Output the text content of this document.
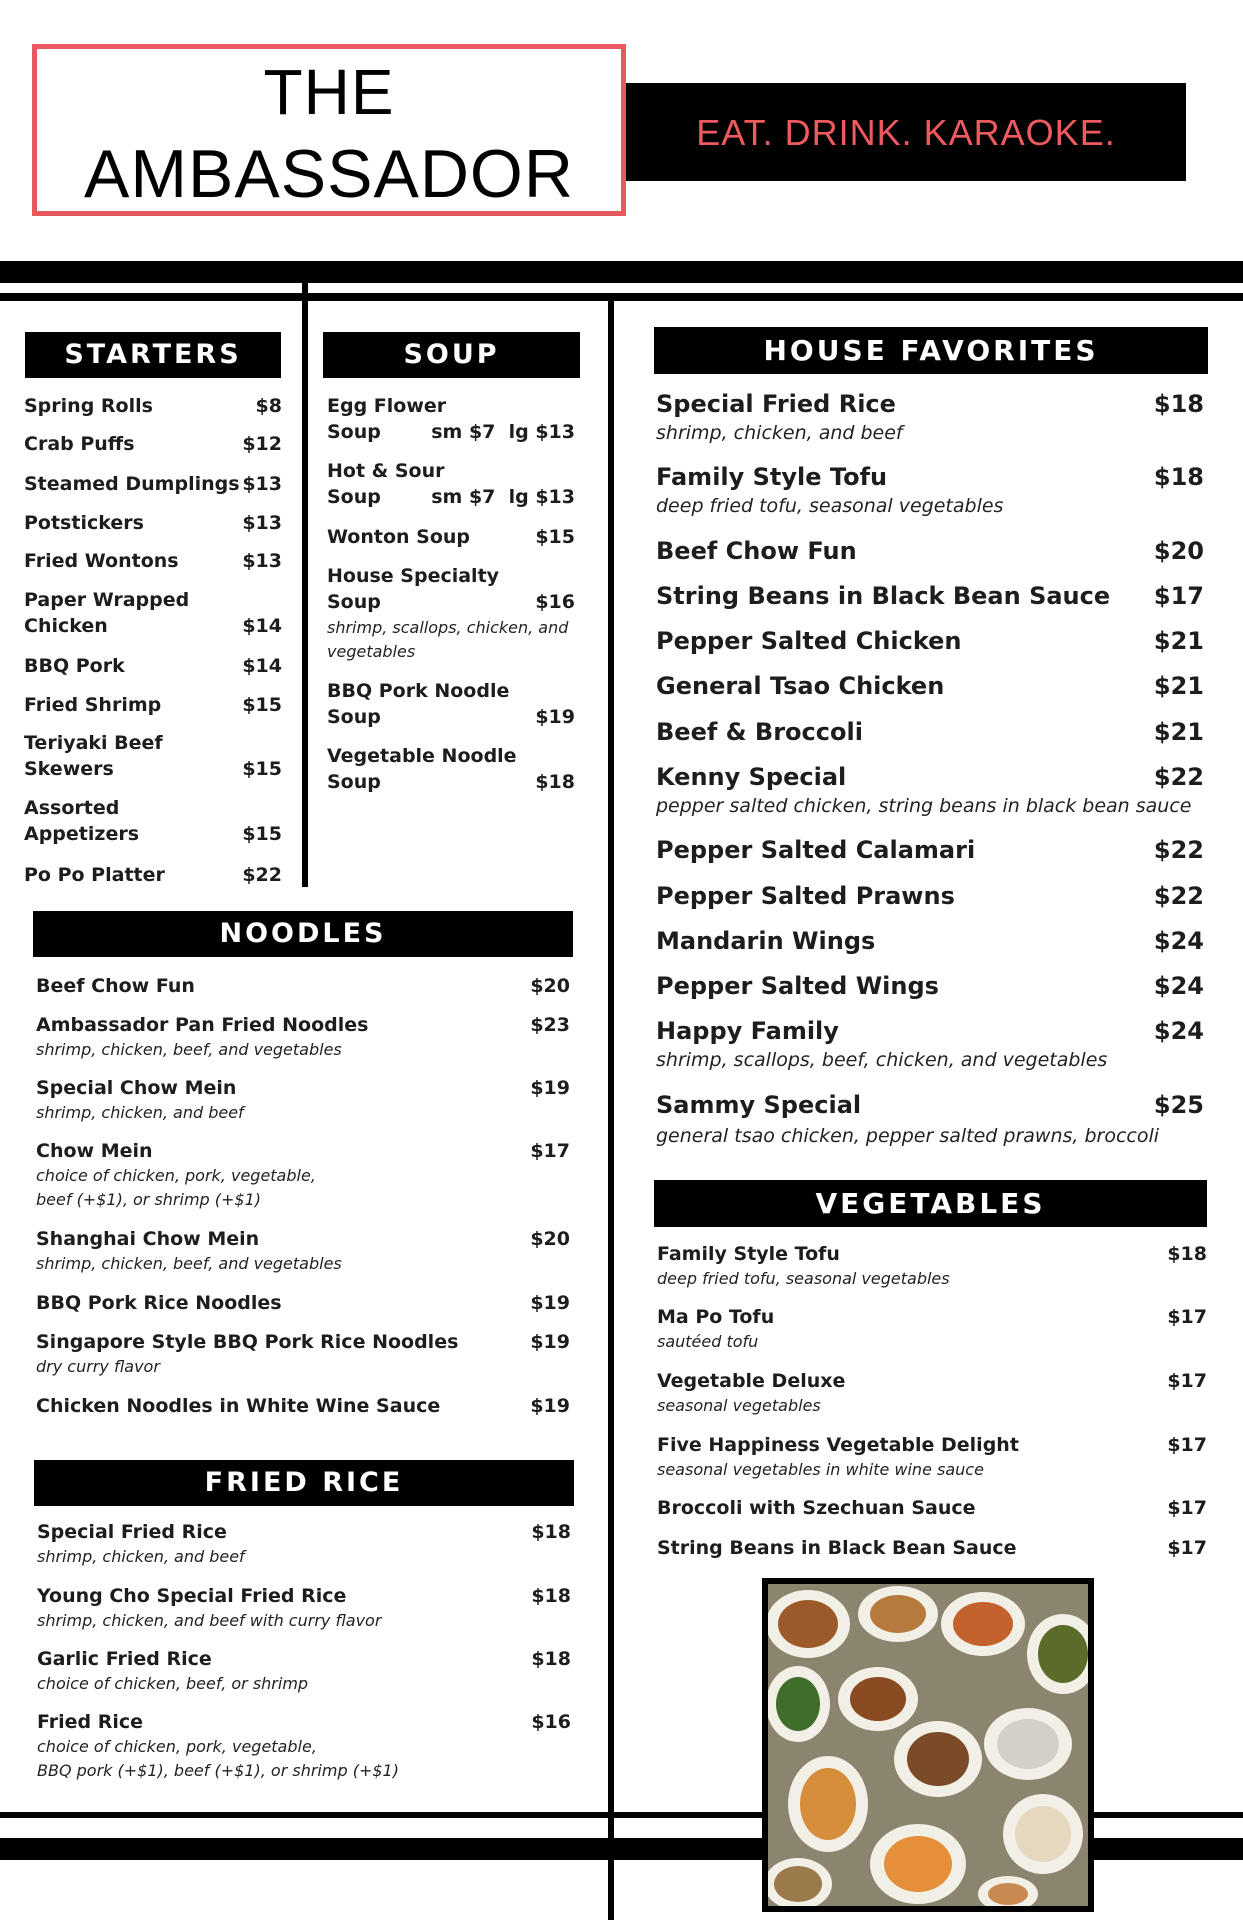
THE
AMBASSADOR
EAT. DRINK. KARAOKE.
STARTERS
Spring Rolls	$8
Crab Puffs	$12
Steamed Dumplings $13
Potstickers	$13
Fried Wontons	$13
Paper Wrapped
Chicken	$14
BBQ Pork	$14
Fried Shrimp	$15
Teriyaki Beef
Skewers	$15
Assorted
Appetizers	$15
Po Po Platter	$22
SOUP
Egg Flower
Soup	sm $7  lg $13
Hot & Sour
Soup	sm $7  lg $13
Wonton Soup	$15
House Specialty
Soup	$16
shrimp, scallops, chicken, and
vegetables
BBQ Pork Noodle
Soup	$19
Vegetable Noodle
Soup	$18
NOODLES
Beef Chow Fun	$20
Ambassador Pan Fried Noodles	$23
shrimp, chicken, beef, and vegetables
Special Chow Mein	$19
shrimp, chicken, and beef
Chow Mein	$17
choice of chicken, pork, vegetable,
beef (+$1), or shrimp (+$1)
Shanghai Chow Mein	$20
shrimp, chicken, beef, and vegetables
BBQ Pork Rice Noodles	$19
Singapore Style BBQ Pork Rice Noodles	$19
dry curry flavor
Chicken Noodles in White Wine Sauce	$19
FRIED RICE
Special Fried Rice	$18
shrimp, chicken, and beef
Young Cho Special Fried Rice	$18
shrimp, chicken, and beef with curry flavor
Garlic Fried Rice	$18
choice of chicken, beef, or shrimp
Fried Rice	$16
choice of chicken, pork, vegetable,
BBQ pork (+$1), beef (+$1), or shrimp (+$1)
HOUSE FAVORITES
Special Fried Rice	$18
shrimp, chicken, and beef
Family Style Tofu	$18
deep fried tofu, seasonal vegetables
Beef Chow Fun	$20
String Beans in Black Bean Sauce $17
Pepper Salted Chicken	$21
General Tsao Chicken	$21
Beef & Broccoli	$21
Kenny Special	$22
pepper salted chicken, string beans in black bean sauce
Pepper Salted Calamari	$22
Pepper Salted Prawns	$22
Mandarin Wings	$24
Pepper Salted Wings	$24
Happy Family	$24
shrimp, scallops, beef, chicken, and vegetables
Sammy Special	$25
general tsao chicken, pepper salted prawns, broccoli
VEGETABLES
Family Style Tofu	$18
deep fried tofu, seasonal vegetables
Ma Po Tofu	$17
sautéed tofu
Vegetable Deluxe	$17
seasonal vegetables
Five Happiness Vegetable Delight	$17
seasonal vegetables in white wine sauce
Broccoli with Szechuan Sauce	$17
String Beans in Black Bean Sauce	$17
